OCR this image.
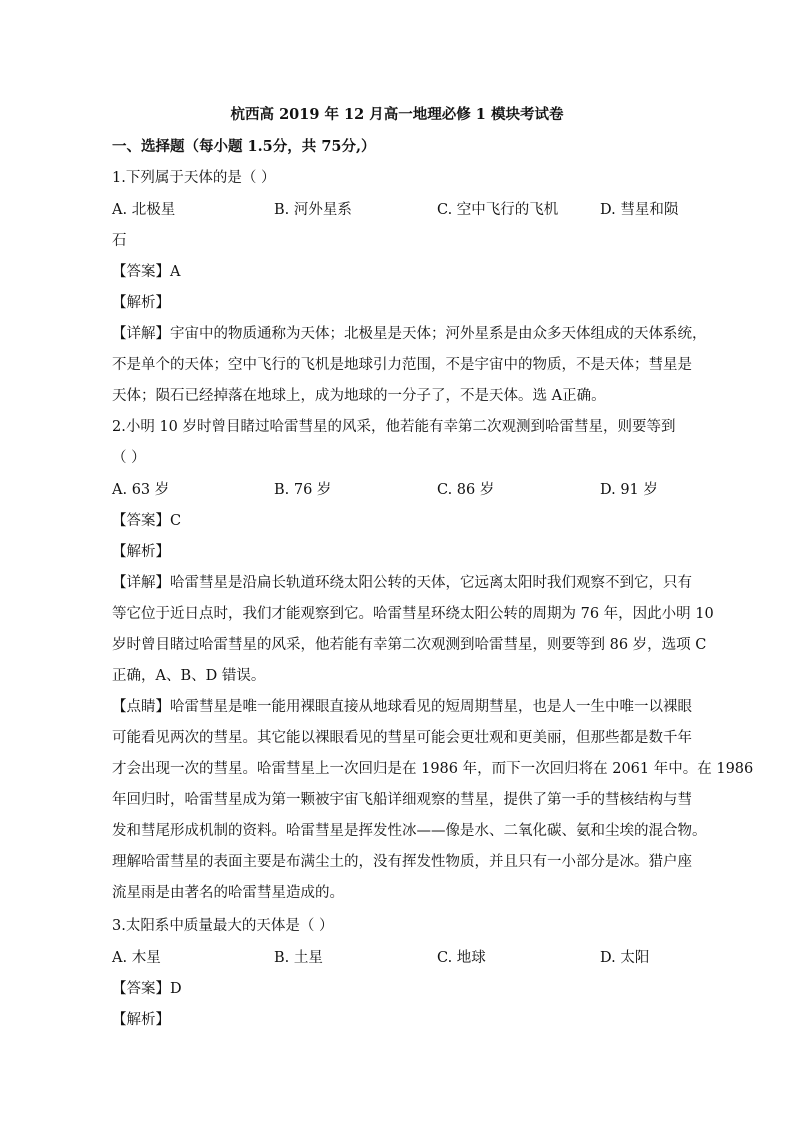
杭西高 2019 年 12 月高一地理必修 1 模块考试卷
一、选择题（每小题 1.5分，共 75分,）
1.下列属于天体的是（ ）
A. 北极星	B. 河外星系	C. 空中飞行的飞机	D. 彗星和陨
石
【答案】A
【解析】
【详解】宇宙中的物质通称为天体；北极星是天体；河外星系是由众多天体组成的天体系统，
不是单个的天体；空中飞行的飞机是地球引力范围，不是宇宙中的物质，不是天体；彗星是
天体；陨石已经掉落在地球上，成为地球的一分子了，不是天体。选 A正确。
2.小明 10 岁时曾目睹过哈雷彗星的风采，他若能有幸第二次观测到哈雷彗星，则要等到
（ ）
A. 63 岁	B. 76 岁	C. 86 岁	D. 91 岁
【答案】C
【解析】
【详解】哈雷彗星是沿扁长轨道环绕太阳公转的天体，它远离太阳时我们观察不到它，只有
等它位于近日点时，我们才能观察到它。哈雷彗星环绕太阳公转的周期为 76 年，因此小明 10
岁时曾目睹过哈雷彗星的风采，他若能有幸第二次观测到哈雷彗星，则要等到 86 岁，选项 C
正确，A、B、D 错误。
【点睛】哈雷彗星是唯一能用裸眼直接从地球看见的短周期彗星，也是人一生中唯一以裸眼
可能看见两次的彗星。其它能以裸眼看见的彗星可能会更壮观和更美丽，但那些都是数千年
才会出现一次的彗星。哈雷彗星上一次回归是在 1986 年，而下一次回归将在 2061 年中。在 1986
年回归时，哈雷彗星成为第一颗被宇宙飞船详细观察的彗星，提供了第一手的彗核结构与彗
发和彗尾形成机制的资料。哈雷彗星是挥发性冰——像是水、二氧化碳、氨和尘埃的混合物。
理解哈雷彗星的表面主要是布满尘土的，没有挥发性物质，并且只有一小部分是冰。猎户座
流星雨是由著名的哈雷彗星造成的。
3.太阳系中质量最大的天体是（ ）
A. 木星	B. 土星	C. 地球	D. 太阳
【答案】D
【解析】
